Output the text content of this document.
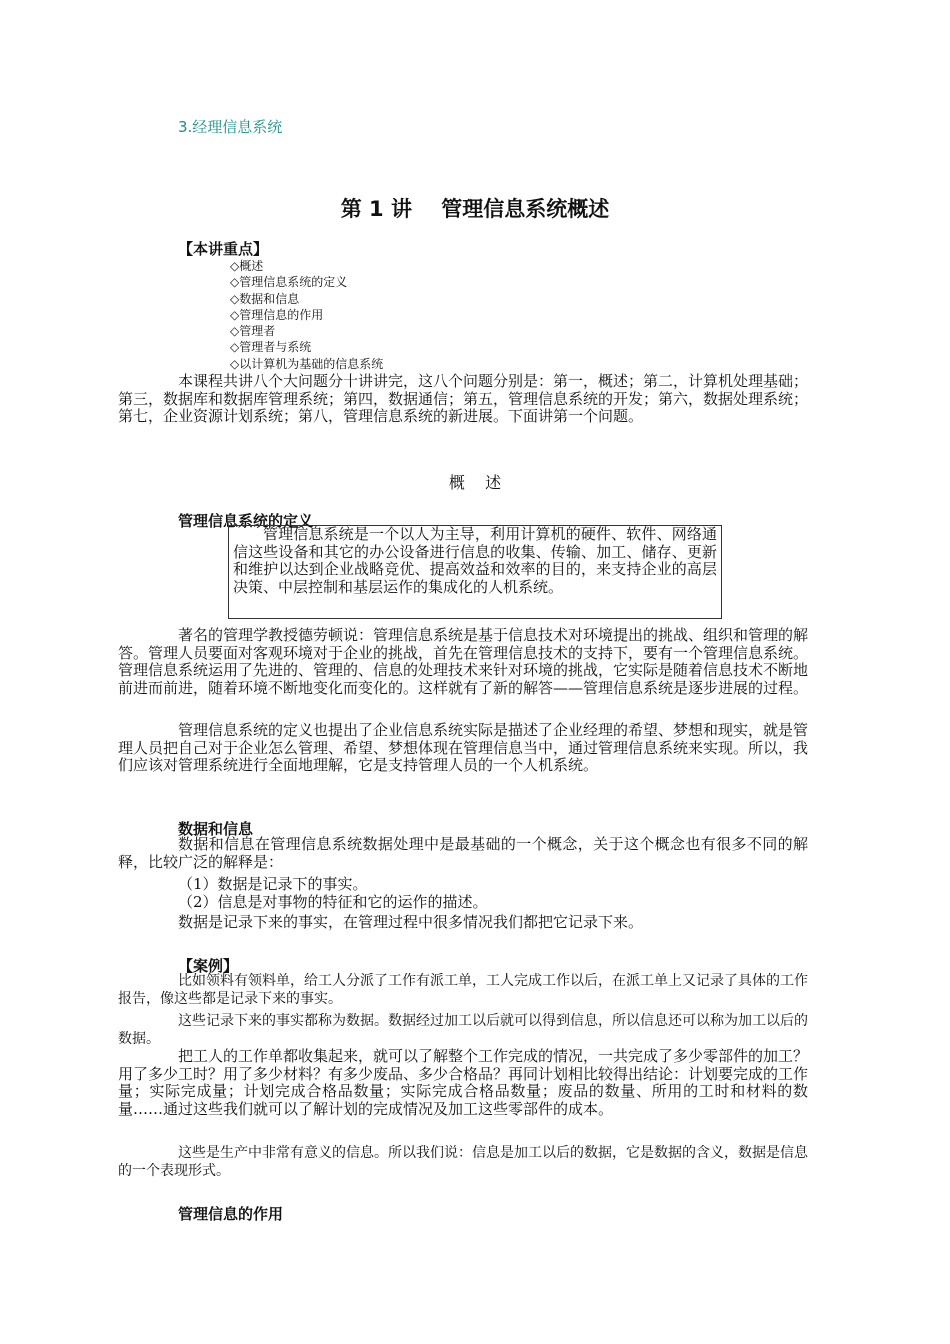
3.经理信息系统
第 1 讲    管理信息系统概述
【本讲重点】
◇概述
◇管理信息系统的定义
◇数据和信息
◇管理信息的作用
◇管理者
◇管理者与系统
◇以计算机为基础的信息系统
本课程共讲八个大问题分十讲讲完，这八个问题分别是：第一，概述；第二，计算机处理基础；第三，数据库和数据库管理系统；第四，数据通信；第五，管理信息系统的开发；第六，数据处理系统；第七，企业资源计划系统；第八，管理信息系统的新进展。下面讲第一个问题。
概    述
管理信息系统的定义
管理信息系统是一个以人为主导，利用计算机的硬件、软件、网络通信这些设备和其它的办公设备进行信息的收集、传输、加工、储存、更新和维护以达到企业战略竞优、提高效益和效率的目的，来支持企业的高层决策、中层控制和基层运作的集成化的人机系统。
著名的管理学教授德劳顿说：管理信息系统是基于信息技术对环境提出的挑战、组织和管理的解答。管理人员要面对客观环境对于企业的挑战，首先在管理信息技术的支持下，要有一个管理信息系统。管理信息系统运用了先进的、管理的、信息的处理技术来针对环境的挑战，它实际是随着信息技术不断地前进而前进，随着环境不断地变化而变化的。这样就有了新的解答——管理信息系统是逐步进展的过程。
管理信息系统的定义也提出了企业信息系统实际是描述了企业经理的希望、梦想和现实，就是管理人员把自己对于企业怎么管理、希望、梦想体现在管理信息当中，通过管理信息系统来实现。所以，我们应该对管理系统进行全面地理解，它是支持管理人员的一个人机系统。
数据和信息
数据和信息在管理信息系统数据处理中是最基础的一个概念，关于这个概念也有很多不同的解释，比较广泛的解释是：
（1）数据是记录下的事实。
（2）信息是对事物的特征和它的运作的描述。
数据是记录下来的事实，在管理过程中很多情况我们都把它记录下来。
【案例】
比如领料有领料单，给工人分派了工作有派工单，工人完成工作以后，在派工单上又记录了具体的工作报告，像这些都是记录下来的事实。
这些记录下来的事实都称为数据。数据经过加工以后就可以得到信息，所以信息还可以称为加工以后的数据。
把工人的工作单都收集起来，就可以了解整个工作完成的情况，一共完成了多少零部件的加工？用了多少工时？用了多少材料？有多少废品、多少合格品？再同计划相比较得出结论：计划要完成的工作量；实际完成量；计划完成合格品数量；实际完成合格品数量；废品的数量、所用的工时和材料的数量……通过这些我们就可以了解计划的完成情况及加工这些零部件的成本。
这些是生产中非常有意义的信息。所以我们说：信息是加工以后的数据，它是数据的含义，数据是信息的一个表现形式。
管理信息的作用
